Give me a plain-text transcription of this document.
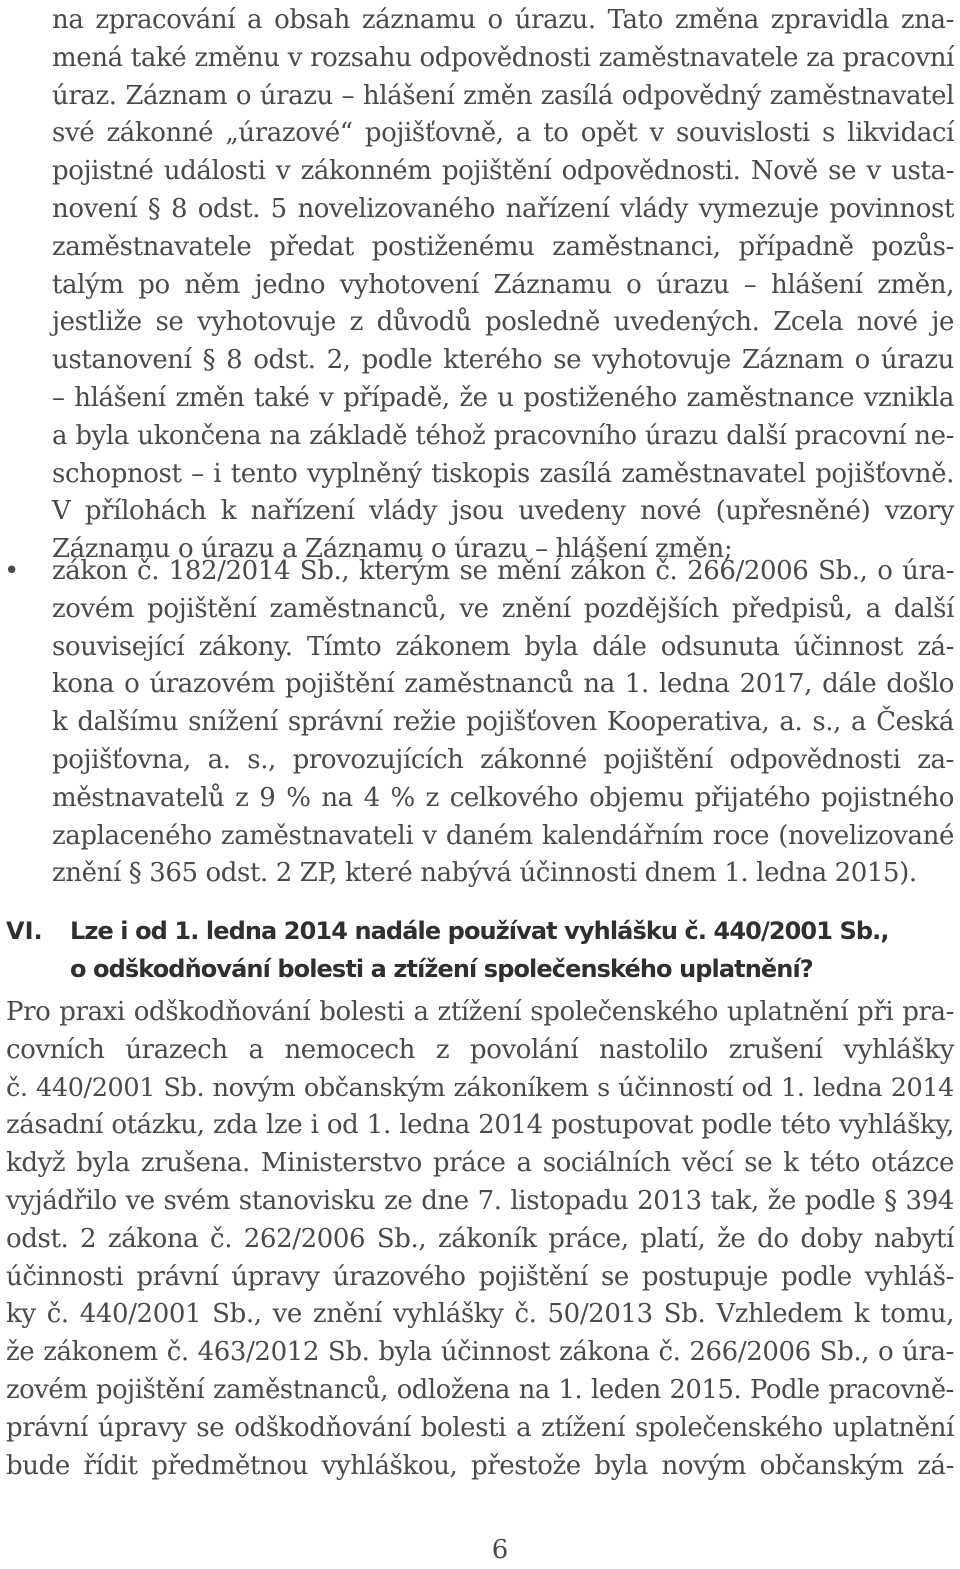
na zpracování a obsah záznamu o úrazu. Tato změna zpravidla zna-
mená také změnu v rozsahu odpovědnosti zaměstnavatele za pracovní
úraz. Záznam o úrazu – hlášení změn zasílá odpovědný zaměstnavatel
své zákonné „úrazové“ pojišťovně, a to opět v souvislosti s likvidací
pojistné události v zákonném pojištění odpovědnosti. Nově se v usta-
novení § 8 odst. 5 novelizovaného nařízení vlády vymezuje povinnost
zaměstnavatele předat postiženému zaměstnanci, případně pozůs-
talým po něm jedno vyhotovení Záznamu o úrazu – hlášení změn,
jestliže se vyhotovuje z důvodů posledně uvedených. Zcela nové je
ustanovení § 8 odst. 2, podle kterého se vyhotovuje Záznam o úrazu
– hlášení změn také v případě, že u postiženého zaměstnance vznikla
a byla ukončena na základě téhož pracovního úrazu další pracovní ne-
schopnost – i tento vyplněný tiskopis zasílá zaměstnavatel pojišťovně.
V přílohách k nařízení vlády jsou uvedeny nové (upřesněné) vzory
Záznamu o úrazu a Záznamu o úrazu – hlášení změn;
• zákon č. 182/2014 Sb., kterým se mění zákon č. 266/2006 Sb., o úra-
zovém pojištění zaměstnanců, ve znění pozdějších předpisů, a další
související zákony. Tímto zákonem byla dále odsunuta účinnost zá-
kona o úrazovém pojištění zaměstnanců na 1. ledna 2017, dále došlo
k dalšímu snížení správní režie pojišťoven Kooperativa, a. s., a Česká
pojišťovna, a. s., provozujících zákonné pojištění odpovědnosti za-
městnavatelů z 9 % na 4 % z celkového objemu přijatého pojistného
zaplaceného zaměstnavateli v daném kalendářním roce (novelizované
znění § 365 odst. 2 ZP, které nabývá účinnosti dnem 1. ledna 2015).
VI. Lze i od 1. ledna 2014 nadále používat vyhlášku č. 440/2001 Sb.,
o odškodňování bolesti a ztížení společenského uplatnění?
Pro praxi odškodňování bolesti a ztížení společenského uplatnění při pra-
covních úrazech a nemocech z povolání nastolilo zrušení vyhlášky
č. 440/2001 Sb. novým občanským zákoníkem s účinností od 1. ledna 2014
zásadní otázku, zda lze i od 1. ledna 2014 postupovat podle této vyhlášky,
když byla zrušena. Ministerstvo práce a sociálních věcí se k této otázce
vyjádřilo ve svém stanovisku ze dne 7. listopadu 2013 tak, že podle § 394
odst. 2 zákona č. 262/2006 Sb., zákoník práce, platí, že do doby nabytí
účinnosti právní úpravy úrazového pojištění se postupuje podle vyhláš-
ky č. 440/2001 Sb., ve znění vyhlášky č. 50/2013 Sb. Vzhledem k tomu,
že zákonem č. 463/2012 Sb. byla účinnost zákona č. 266/2006 Sb., o úra-
zovém pojištění zaměstnanců, odložena na 1. leden 2015. Podle pracovně-
právní úpravy se odškodňování bolesti a ztížení společenského uplatnění
bude řídit předmětnou vyhláškou, přestože byla novým občanským zá-
6
